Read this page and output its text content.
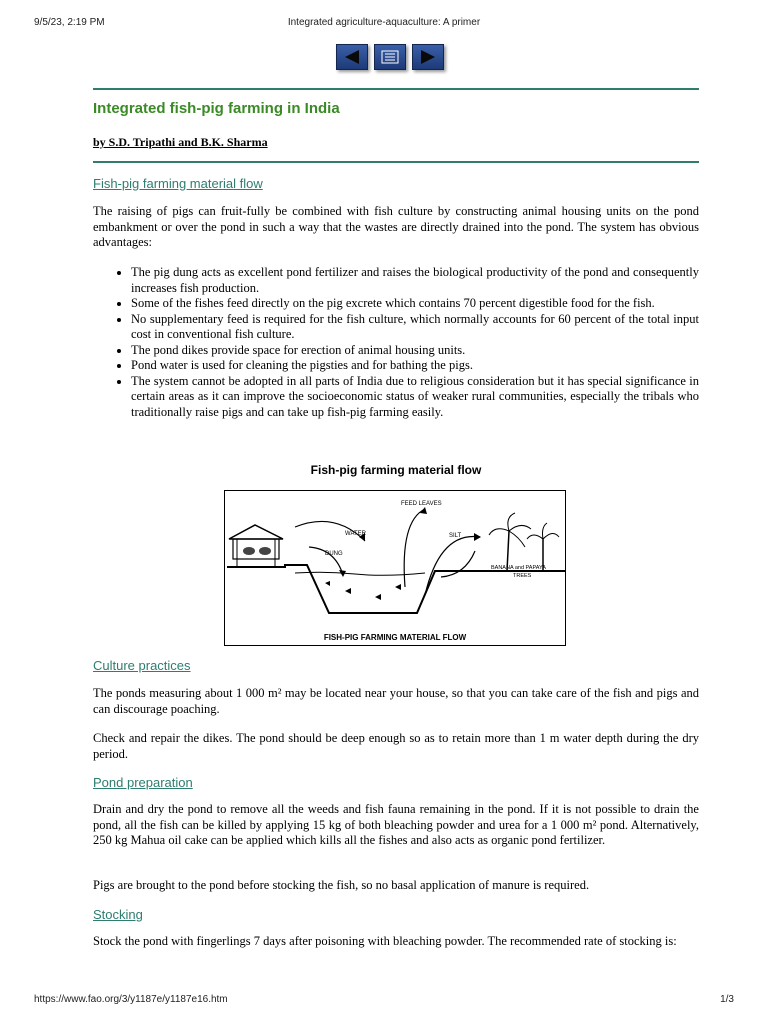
9/5/23, 2:19 PM	Integrated agriculture-aquaculture: A primer
Integrated fish-pig farming in India

by S.D. Tripathi and B.K. Sharma

Fish-pig farming material flow

The raising of pigs can fruit-fully be combined with fish culture by constructing animal housing units on the pond embankment or over the pond in such a way that the wastes are directly drained into the pond. The system has obvious advantages:

• The pig dung acts as excellent pond fertilizer and raises the biological productivity of the pond and consequently increases fish production.
• Some of the fishes feed directly on the pig excrete which contains 70 percent digestible food for the fish.
• No supplementary feed is required for the fish culture, which normally accounts for 60 percent of the total input cost in conventional fish culture.
• The pond dikes provide space for erection of animal housing units.
• Pond water is used for cleaning the pigsties and for bathing the pigs.
• The system cannot be adopted in all parts of India due to religious consideration but it has special significance in certain areas as it can improve the socioeconomic status of weaker rural communities, especially the tribals who traditionally raise pigs and can take up fish-pig farming easily.
Fish-pig farming material flow
WATER
DUNG
FEED LEAVES
SILT
BANANA and PAPAYA
TREES
FISH-PIG FARMING MATERIAL FLOW
Culture practices

The ponds measuring about 1 000 m² may be located near your house, so that you can take care of the fish and pigs and can discourage poaching.

Check and repair the dikes. The pond should be deep enough so as to retain more than 1 m water depth during the dry period.

Pond preparation

Drain and dry the pond to remove all the weeds and fish fauna remaining in the pond. If it is not possible to drain the pond, all the fish can be killed by applying 15 kg of both bleaching powder and urea for a 1 000 m² pond. Alternatively, 250 kg Mahua oil cake can be applied which kills all the fishes and also acts as organic pond fertilizer.

Pigs are brought to the pond before stocking the fish, so no basal application of manure is required.

Stocking

Stock the pond with fingerlings 7 days after poisoning with bleaching powder. The recommended rate of stocking is:

https://www.fao.org/3/y1187e/y1187e16.htm	1/3
